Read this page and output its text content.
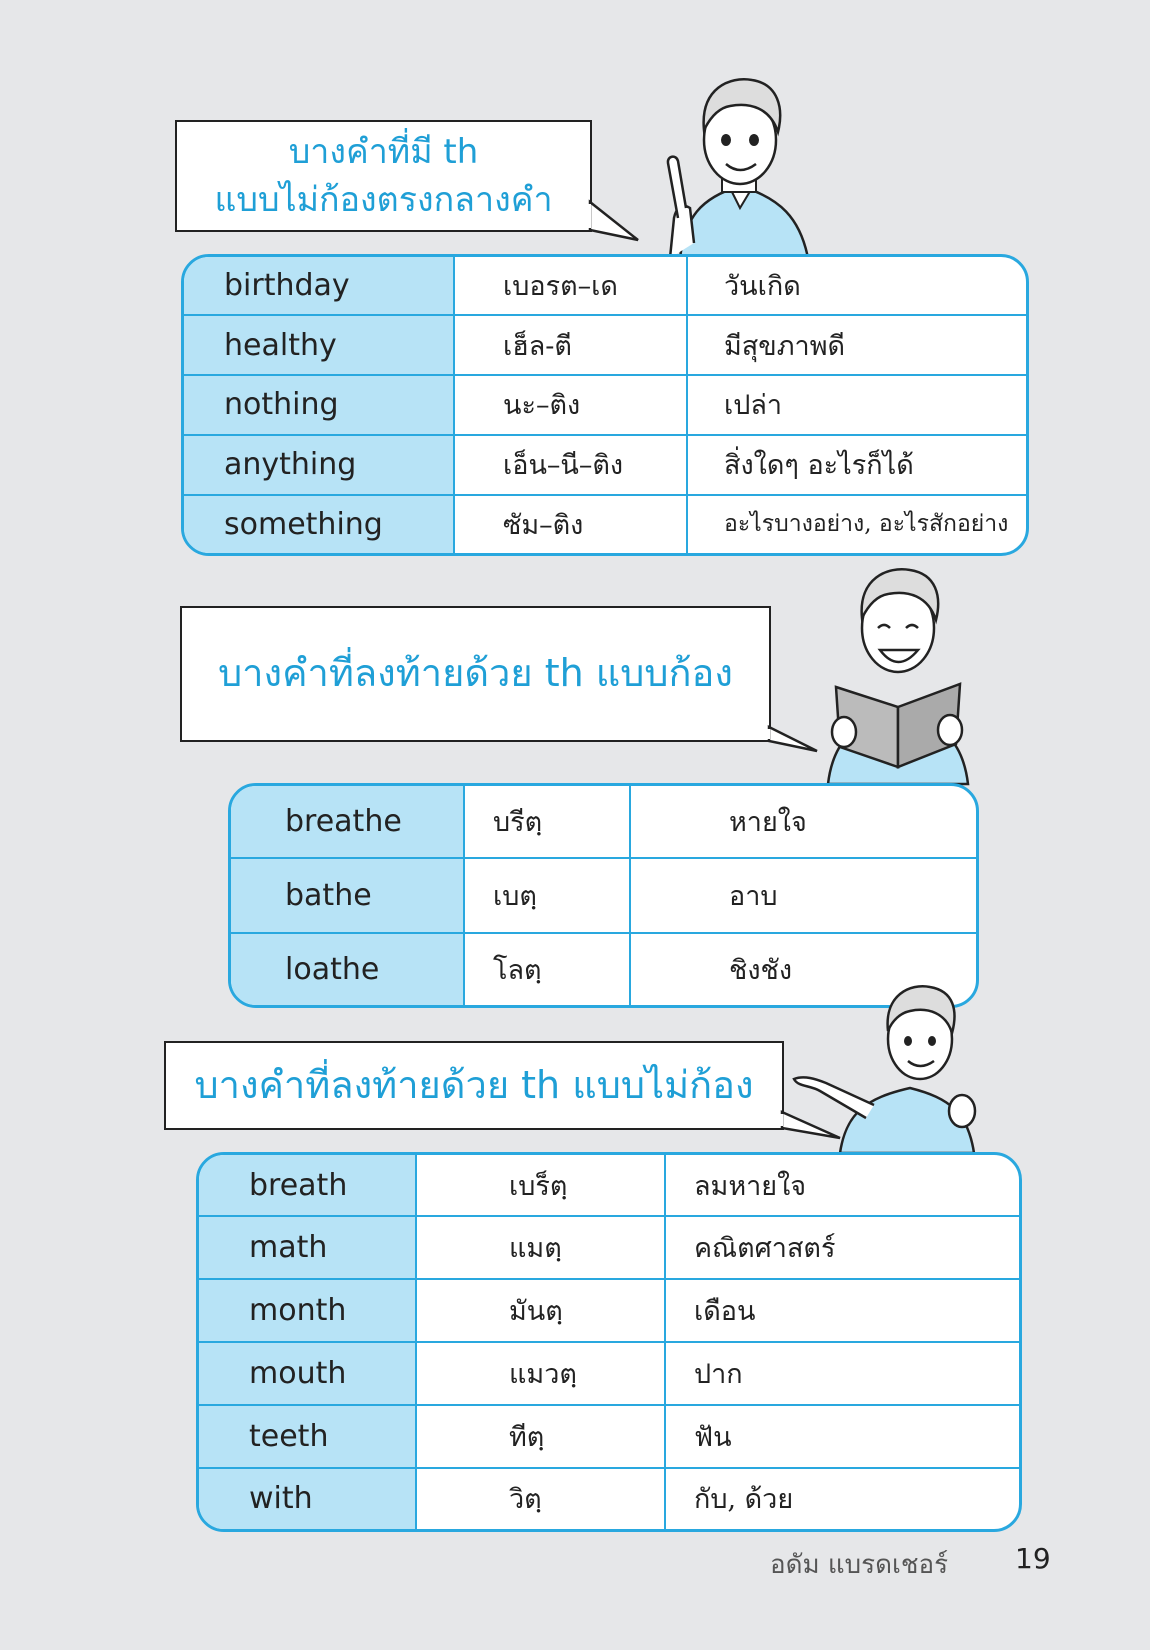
บางคำที่มี th
แบบไม่ก้องตรงกลางคำ
birthday	เบอรต–เด	วันเกิด
healthy	เฮ็ล-ตี	มีสุขภาพดี
nothing	นะ–ติง	เปล่า
anything	เอ็น–นี–ติง	สิ่งใดๆ อะไรก็ได้
something	ซัม–ติง	อะไรบางอย่าง, อะไรสักอย่าง
บางคำที่ลงท้ายด้วย th แบบก้อง
breathe	บรีตฺ	หายใจ
bathe	เบตฺ	อาบ
loathe	โลตฺ	ชิงชัง
บางคำที่ลงท้ายด้วย th แบบไม่ก้อง
breath	เบร็ตฺ	ลมหายใจ
math	แมตฺ	คณิตศาสตร์
month	มันตฺ	เดือน
mouth	แมวตฺ	ปาก
teeth	ทีตฺ	ฟัน
with	วิตฺ	กับ, ด้วย
อดัม แบรดเชอร์ 19
